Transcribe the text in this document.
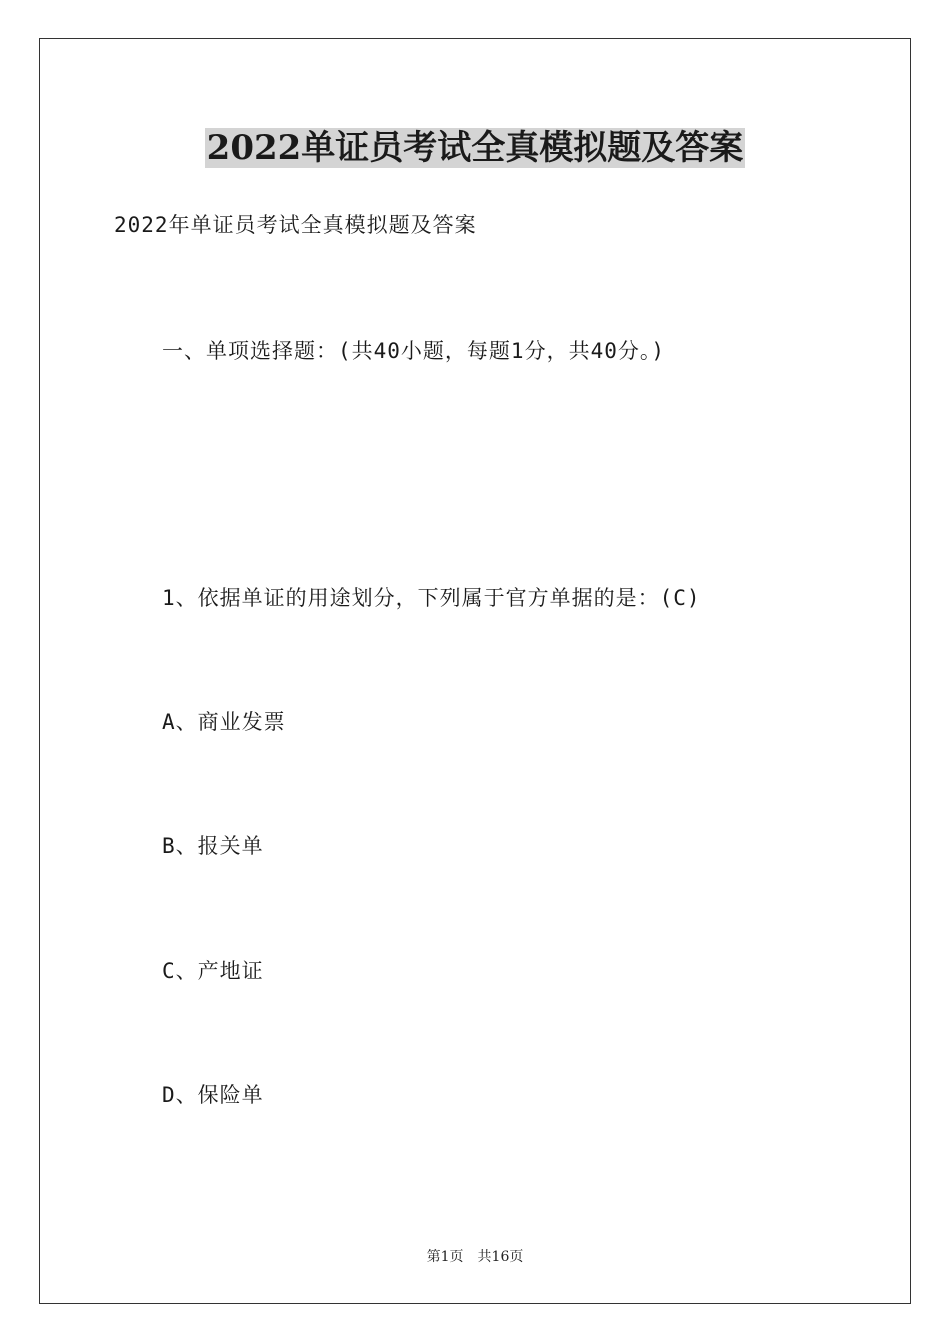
2022单证员考试全真模拟题及答案

2022年单证员考试全真模拟题及答案

一、单项选择题：(共40小题，每题1分，共40分。)

1、依据单证的用途划分，下列属于官方单据的是：(C)

A、商业发票

B、报关单

C、产地证

D、保险单

第1页　共16页
